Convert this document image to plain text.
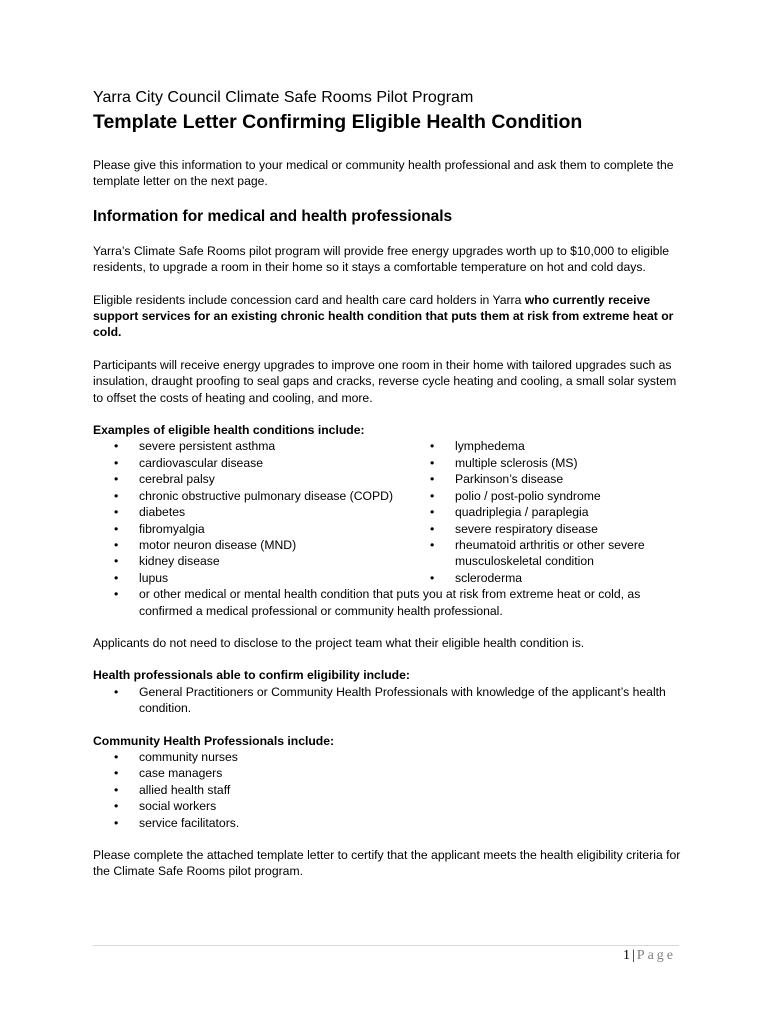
Yarra City Council Climate Safe Rooms Pilot Program
Template Letter Confirming Eligible Health Condition

Please give this information to your medical or community health professional and ask them to complete the template letter on the next page.

Information for medical and health professionals

Yarra’s Climate Safe Rooms pilot program will provide free energy upgrades worth up to $10,000 to eligible residents, to upgrade a room in their home so it stays a comfortable temperature on hot and cold days.

Eligible residents include concession card and health care card holders in Yarra who currently receive support services for an existing chronic health condition that puts them at risk from extreme heat or cold.

Participants will receive energy upgrades to improve one room in their home with tailored upgrades such as insulation, draught proofing to seal gaps and cracks, reverse cycle heating and cooling, a small solar system to offset the costs of heating and cooling, and more.

Examples of eligible health conditions include:
• severe persistent asthma
• cardiovascular disease
• cerebral palsy
• chronic obstructive pulmonary disease (COPD)
• diabetes
• fibromyalgia
• motor neuron disease (MND)
• kidney disease
• lupus
• lymphedema
• multiple sclerosis (MS)
• Parkinson’s disease
• polio / post-polio syndrome
• quadriplegia / paraplegia
• severe respiratory disease
• rheumatoid arthritis or other severe musculoskeletal condition
• scleroderma
• or other medical or mental health condition that puts you at risk from extreme heat or cold, as confirmed a medical professional or community health professional.

Applicants do not need to disclose to the project team what their eligible health condition is.

Health professionals able to confirm eligibility include:
• General Practitioners or Community Health Professionals with knowledge of the applicant’s health condition.
Community Health Professionals include:
• community nurses
• case managers
• allied health staff
• social workers
• service facilitators.

Please complete the attached template letter to certify that the applicant meets the health eligibility criteria for the Climate Safe Rooms pilot program.

1 | Page
